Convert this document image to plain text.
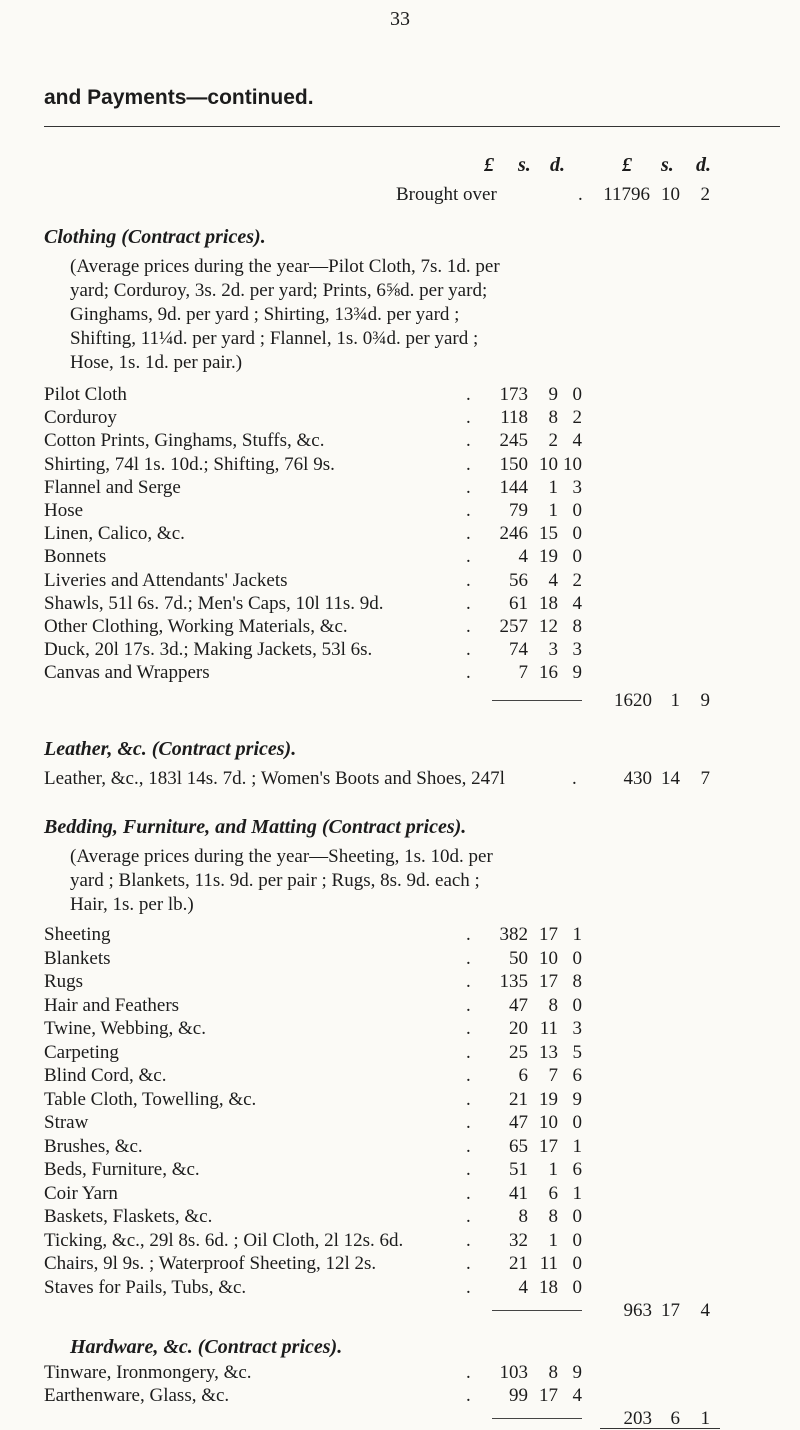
33
and Payments—continued.
£ s. d.	£ s. d.
Brought over	.	11796 10	2
Clothing (Contract prices).
(Average prices during the year—Pilot Cloth, 7s. 1d. per
yard; Corduroy, 3s. 2d. per yard; Prints, 6⅝d. per yard;
Ginghams, 9d. per yard ; Shirting, 13¾d. per yard ;
Shifting, 11¼d. per yard ; Flannel, 1s. 0¾d. per yard ;
Hose, 1s. 1d. per pair.)
Pilot Cloth	.	173	9 0
Corduroy	.	118	8 2
Cotton Prints, Ginghams, Stuffs, &c.	.	245	2 4
Shirting, 74l 1s. 10d.; Shifting, 76l 9s.	.	150 10 10
Flannel and Serge	.	144	1 3
Hose	.	79	1 0
Linen, Calico, &c.	.	246 15 0
Bonnets	.	4 19 0
Liveries and Attendants' Jackets	.	56	4 2
Shawls, 51l 6s. 7d.; Men's Caps, 10l 11s. 9d.	.	61 18 4
Other Clothing, Working Materials, &c.	.	257 12 8
Duck, 20l 17s. 3d.; Making Jackets, 53l 6s.	.	74	3 3
Canvas and Wrappers	.	7 16 9
1620 1	9
Leather, &c. (Contract prices).
Leather, &c., 183l 14s. 7d. ; Women's Boots and Shoes, 247l	.	430 14	7
Bedding, Furniture, and Matting (Contract prices).
(Average prices during the year—Sheeting, 1s. 10d. per
yard ; Blankets, 11s. 9d. per pair ; Rugs, 8s. 9d. each ;
Hair, 1s. per lb.)
Sheeting	.	382 17 1
Blankets	.	50 10 0
Rugs	.	135 17 8
Hair and Feathers	.	47	8 0
Twine, Webbing, &c.	.	20 11 3
Carpeting	.	25 13 5
Blind Cord, &c.	.	6	7 6
Table Cloth, Towelling, &c.	.	21 19 9
Straw	.	47 10 0
Brushes, &c.	.	65 17 1
Beds, Furniture, &c.	.	51	1 6
Coir Yarn	.	41	6 1
Baskets, Flaskets, &c.	.	8	8 0
Ticking, &c., 29l 8s. 6d. ; Oil Cloth, 2l 12s. 6d.	.	32	1 0
Chairs, 9l 9s. ; Waterproof Sheeting, 12l 2s.	.	21 11 0
Staves for Pails, Tubs, &c.	.	4 18 0
963 17	4
Hardware, &c. (Contract prices).
Tinware, Ironmongery, &c.	.	103	8 9
Earthenware, Glass, &c.	.	99 17 4
203 6	1
